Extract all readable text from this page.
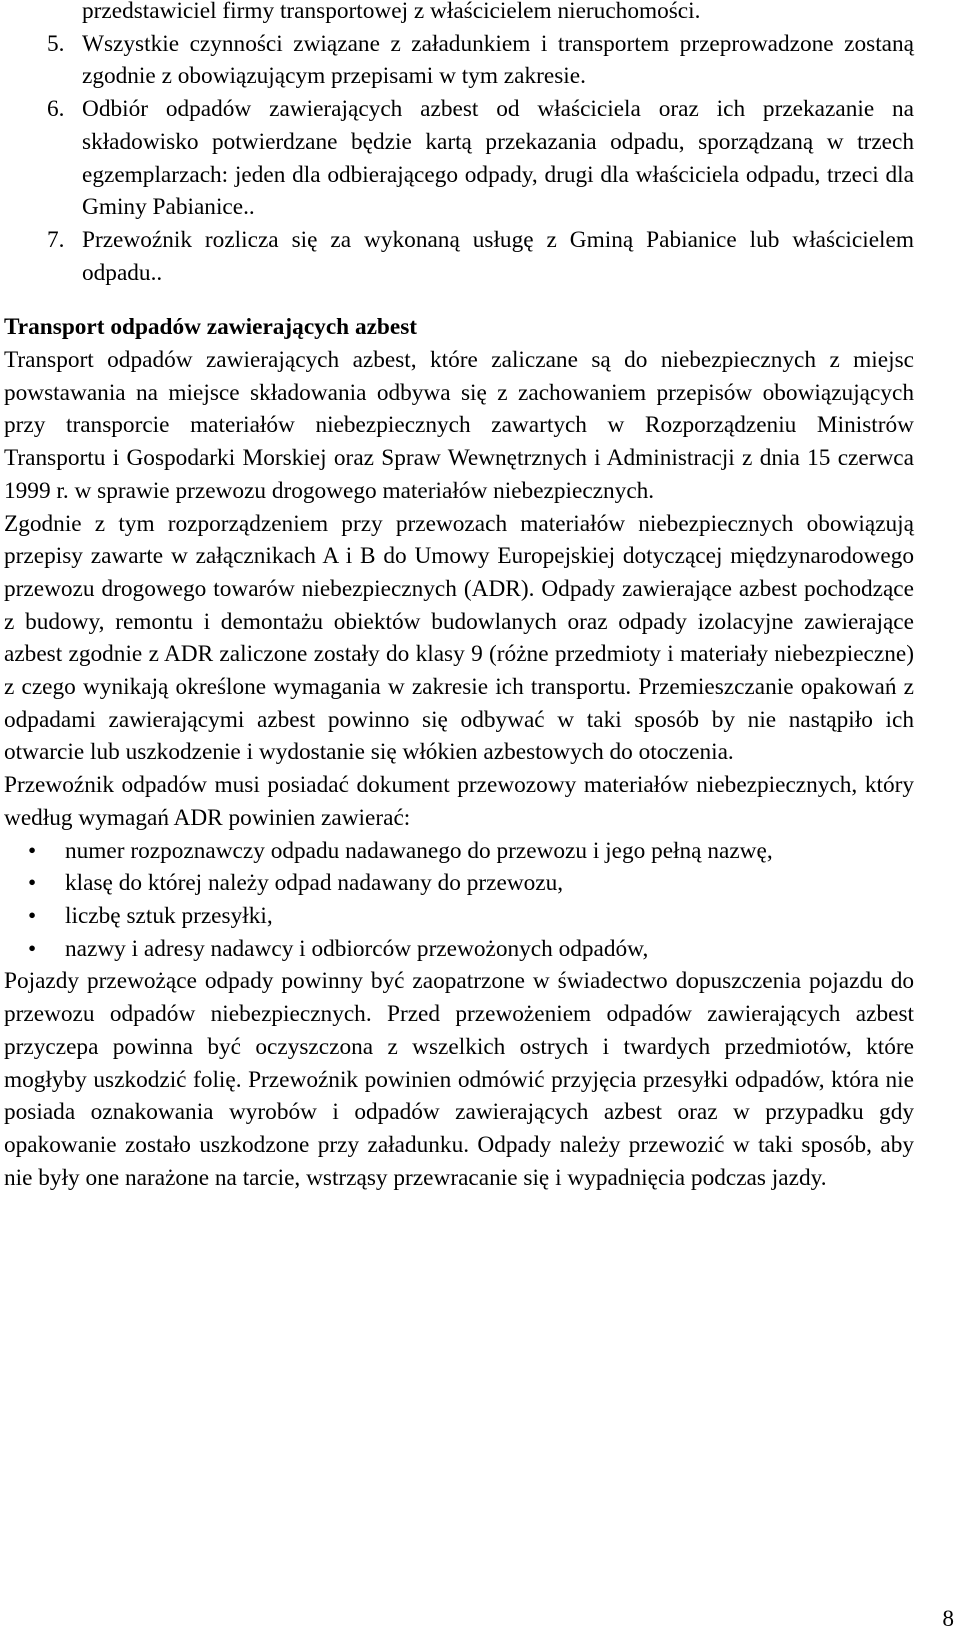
przedstawiciel firmy transportowej z właścicielem nieruchomości.

5. Wszystkie czynności związane z załadunkiem i transportem przeprowadzone zostaną zgodnie z obowiązującym przepisami w tym zakresie.
6. Odbiór odpadów zawierających azbest od właściciela oraz ich przekazanie na składowisko potwierdzane będzie kartą przekazania odpadu, sporządzaną w trzech egzemplarzach: jeden dla odbierającego odpady, drugi dla właściciela odpadu, trzeci dla Gminy Pabianice..
7. Przewoźnik rozlicza się za wykonaną usługę z Gminą Pabianice lub właścicielem odpadu..

Transport odpadów zawierających azbest

Transport odpadów zawierających azbest, które zaliczane są do niebezpiecznych z miejsc powstawania na miejsce składowania odbywa się z zachowaniem przepisów obowiązujących przy transporcie materiałów niebezpiecznych zawartych w Rozporządzeniu Ministrów Transportu i Gospodarki Morskiej oraz Spraw Wewnętrznych i Administracji z dnia 15 czerwca 1999 r. w sprawie przewozu drogowego materiałów niebezpiecznych.

Zgodnie z tym rozporządzeniem przy przewozach materiałów niebezpiecznych obowiązują przepisy zawarte w załącznikach A i B do Umowy Europejskiej dotyczącej międzynarodowego przewozu drogowego towarów niebezpiecznych (ADR). Odpady zawierające azbest pochodzące z budowy, remontu i demontażu obiektów budowlanych oraz odpady izolacyjne zawierające azbest zgodnie z ADR zaliczone zostały do klasy 9 (różne przedmioty i materiały niebezpieczne) z czego wynikają określone wymagania w zakresie ich transportu. Przemieszczanie opakowań z odpadami zawierającymi azbest powinno się odbywać w taki sposób by nie nastąpiło ich otwarcie lub uszkodzenie i wydostanie się włókien azbestowych do otoczenia.

Przewoźnik odpadów musi posiadać dokument przewozowy materiałów niebezpiecznych, który według wymagań ADR powinien zawierać:

• numer rozpoznawczy odpadu nadawanego do przewozu i jego pełną nazwę,
• klasę do której należy odpad nadawany do przewozu,
• liczbę sztuk przesyłki,
• nazwy i adresy nadawcy i odbiorców przewożonych odpadów,

Pojazdy przewożące odpady powinny być zaopatrzone w świadectwo dopuszczenia pojazdu do przewozu odpadów niebezpiecznych. Przed przewożeniem odpadów zawierających azbest przyczepa powinna być oczyszczona z wszelkich ostrych i twardych przedmiotów, które mogłyby uszkodzić folię. Przewoźnik powinien odmówić przyjęcia przesyłki odpadów, która nie posiada oznakowania wyrobów i odpadów zawierających azbest oraz w przypadku gdy opakowanie zostało uszkodzone przy załadunku. Odpady należy przewozić w taki sposób, aby nie były one narażone na tarcie, wstrząsy przewracanie się i wypadnięcia podczas jazdy.

8
